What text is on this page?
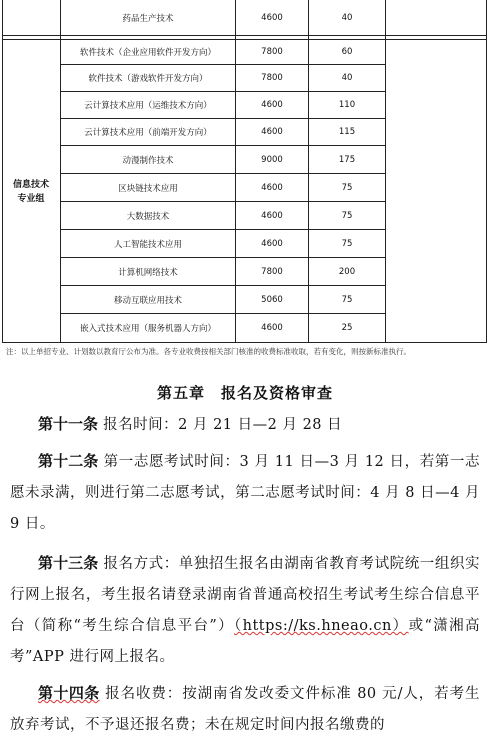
药品生产技术	4600	40
信息技术
专业组
软件技术（企业应用软件开发方向）	7800	60
软件技术（游戏软件开发方向）	7800	40
云计算技术应用（运维技术方向）	4600	110
云计算技术应用（前端开发方向）	4600	115
动漫制作技术	9000	175
区块链技术应用	4600	75
大数据技术	4600	75
人工智能技术应用	4600	75
计算机网络技术	7800	200
移动互联应用技术	5060	75
嵌入式技术应用（服务机器人方向）	4600	25
注：以上单招专业、计划数以教育厅公布为准。各专业收费按相关部门核准的收费标准收取，若有变化，则按新标准执行。
第五章　报名及资格审查
第十一条 报名时间：2 月 21 日—2 月 28 日
第十二条 第一志愿考试时间：3 月 11 日—3 月 12 日，若第一志愿未录满，则进行第二志愿考试，第二志愿考试时间：4 月 8 日—4 月 9 日。
第十三条 报名方式：单独招生报名由湖南省教育考试院统一组织实行网上报名，考生报名请登录湖南省普通高校招生考试考生综合信息平台（简称“考生综合信息平台”）（https://ks.hneao.cn）或“潇湘高考”APP 进行网上报名。
第十四条 报名收费：按湖南省发改委文件标准 80 元/人，若考生放弃考试，不予退还报名费；未在规定时间内报名缴费的
